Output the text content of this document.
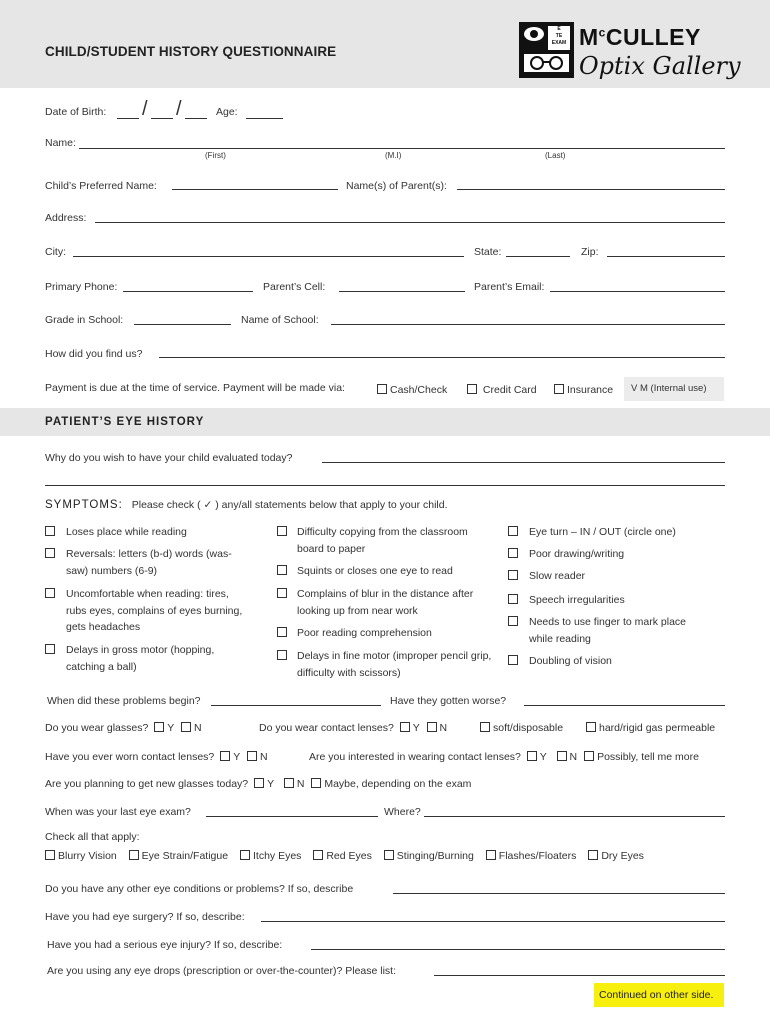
CHILD/STUDENT HISTORY QUESTIONNAIRE
E
TE
EXAM $M^cCULLEY$
Optix Gallery
Date of Birth: / /	Age:
Name:
(First)	(M.I)	(Last)
Child’s Preferred Name:	Name(s) of Parent(s):
Address:
City:	State:	Zip:
Primary Phone:	Parent’s Cell:	Parent’s Email:
Grade in School:	Name of School:
How did you find us?
Payment is due at the time of service. Payment will be made via:	Cash/Check	Credit Card	Insurance V M (Internal use)
PATIENT’S EYE HISTORY
Why do you wish to have your child evaluated today?
SYMPTOMS: Please check ( ✓ ) any/all statements below that apply to your child.
Loses place while reading
Reversals: letters (b-d) words (was-saw) numbers (6-9)
Uncomfortable when reading: tires, rubs eyes, complains of eyes burning, gets headaches
Delays in gross motor (hopping, catching a ball)
Difficulty copying from the classroom board to paper
Squints or closes one eye to read
Complains of blur in the distance after looking up from near work
Poor reading comprehension
Delays in fine motor (improper pencil grip, difficulty with scissors)
Eye turn – IN / OUT (circle one)
Poor drawing/writing
Slow reader
Speech irregularities
Needs to use finger to mark place while reading
Doubling of vision
When did these problems begin?	Have they gotten worse?
Do you wear glasses? Y N	Do you wear contact lenses? Y N	soft/disposable	hard/rigid gas permeable
Have you ever worn contact lenses? Y N	Are you interested in wearing contact lenses? Y N Possibly, tell me more
Are you planning to get new glasses today? Y N Maybe, depending on the exam
When was your last eye exam?	Where?
Check all that apply:
Blurry Vision Eye Strain/Fatigue Itchy Eyes Red Eyes Stinging/Burning Flashes/Floaters Dry Eyes
Do you have any other eye conditions or problems? If so, describe
Have you had eye surgery? If so, describe:
Have you had a serious eye injury? If so, describe:
Are you using any eye drops (prescription or over-the-counter)? Please list:
Continued on other side.
